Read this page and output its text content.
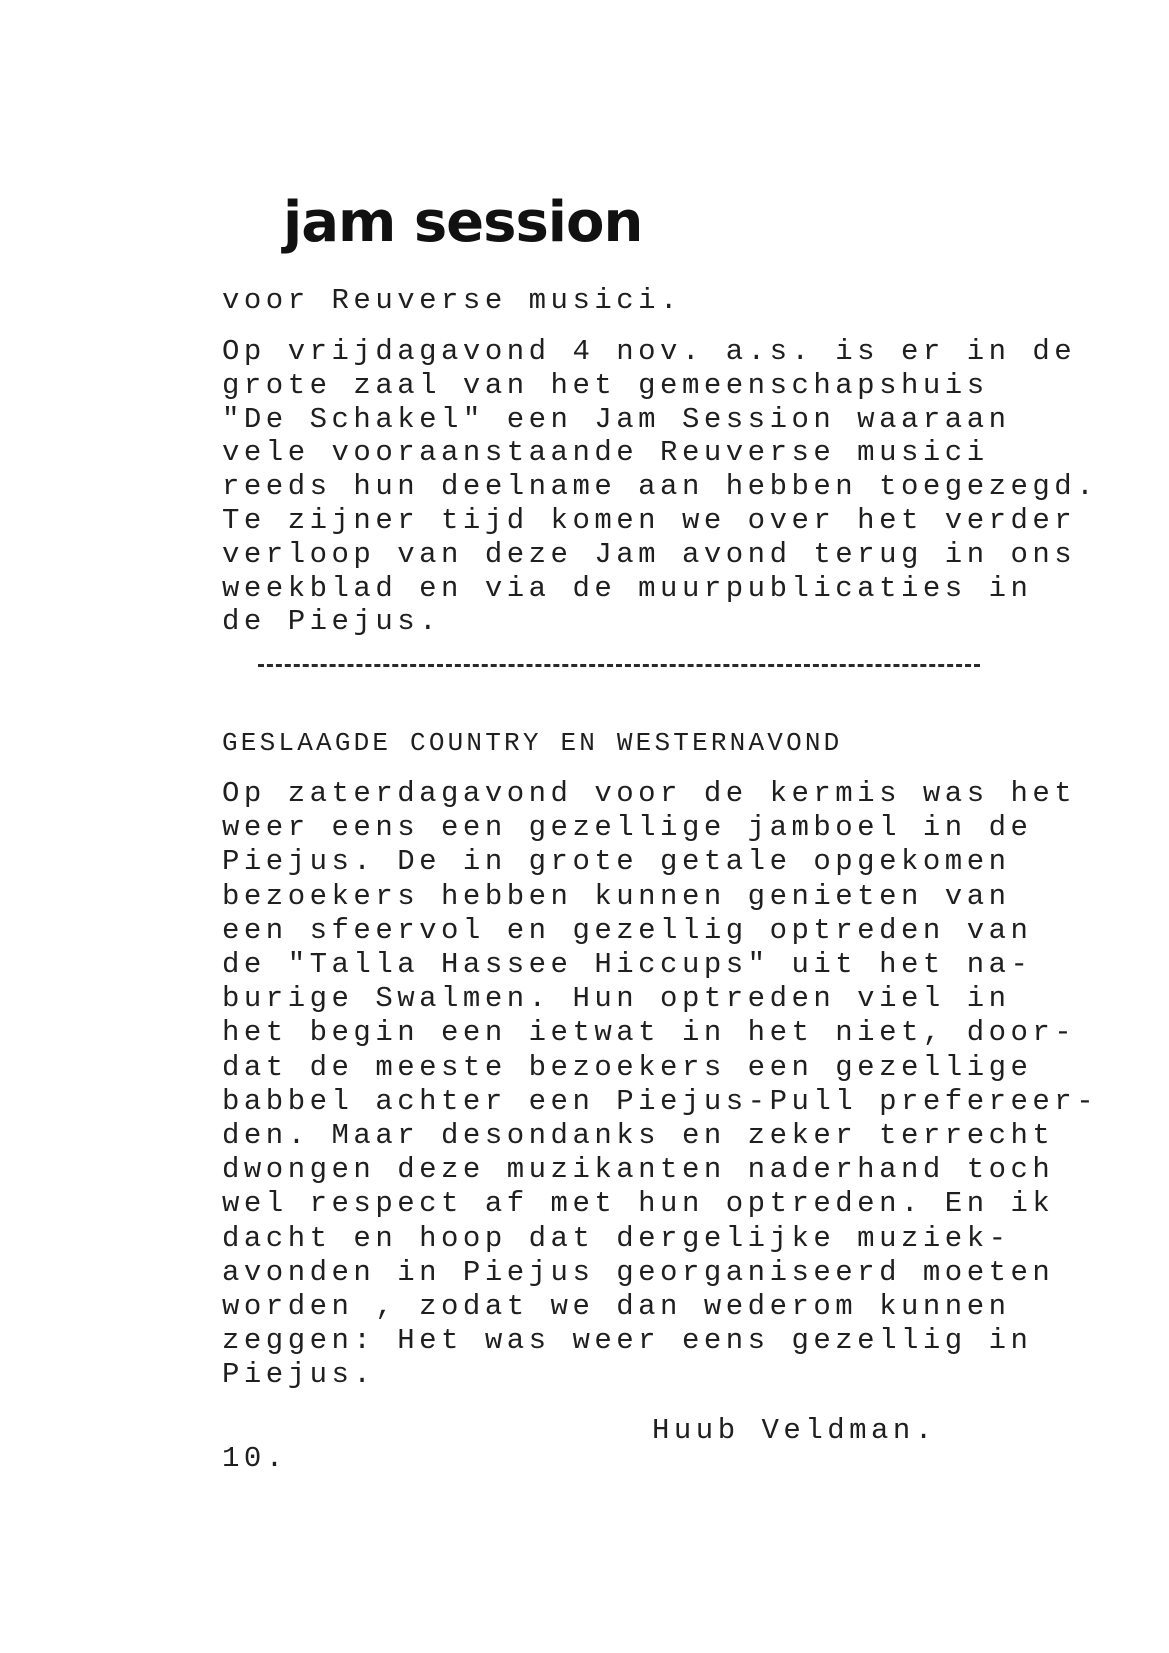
jam session
voor Reuverse musici.
Op vrijdagavond 4 nov. a.s. is er in de
grote zaal van het gemeenschapshuis
"De Schakel" een Jam Session waaraan
vele vooraanstaande Reuverse musici
reeds hun deelname aan hebben toegezegd.
Te zijner tijd komen we over het verder
verloop van deze Jam avond terug in ons
weekblad en via de muurpublicaties in
de Piejus.
GESLAAGDE COUNTRY EN WESTERNAVOND
Op zaterdagavond voor de kermis was het
weer eens een gezellige jamboel in de
Piejus. De in grote getale opgekomen
bezoekers hebben kunnen genieten van
een sfeervol en gezellig optreden van
de "Talla Hassee Hiccups" uit het na-
burige Swalmen. Hun optreden viel in
het begin een ietwat in het niet, door-
dat de meeste bezoekers een gezellige
babbel achter een Piejus-Pull prefereer-
den. Maar desondanks en zeker terrecht
dwongen deze muzikanten naderhand toch
wel respect af met hun optreden. En ik
dacht en hoop dat dergelijke muziek-
avonden in Piejus georganiseerd moeten
worden , zodat we dan wederom kunnen
zeggen: Het was weer eens gezellig in
Piejus.
Huub Veldman.
10.
